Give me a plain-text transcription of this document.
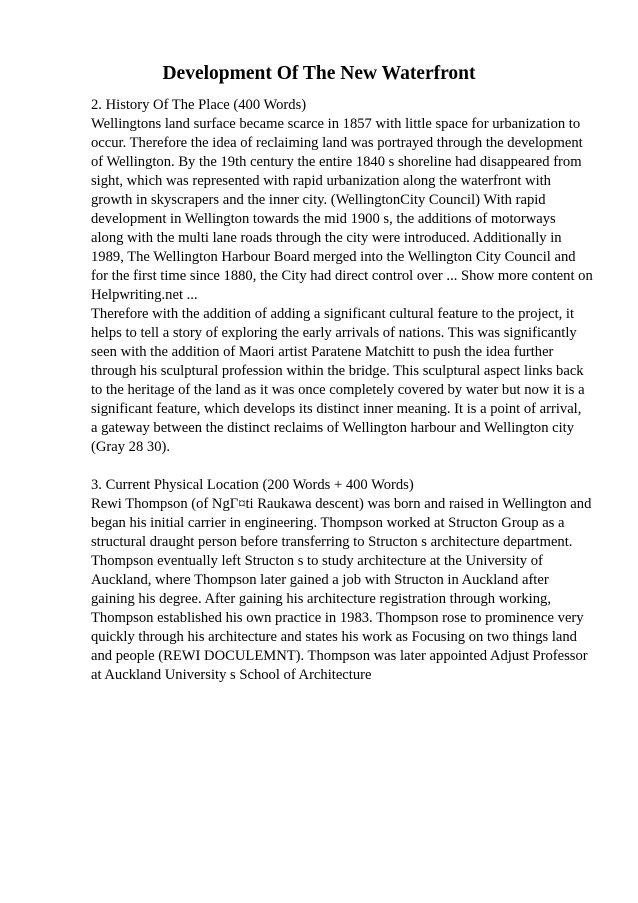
Development Of The New Waterfront
2. History Of The Place (400 Words)
Wellingtons land surface became scarce in 1857 with little space for urbanization to
occur. Therefore the idea of reclaiming land was portrayed through the development
of Wellington. By the 19th century the entire 1840 s shoreline had disappeared from
sight, which was represented with rapid urbanization along the waterfront with
growth in skyscrapers and the inner city. (WellingtonCity Council) With rapid
development in Wellington towards the mid 1900 s, the additions of motorways
along with the multi lane roads through the city were introduced. Additionally in
1989, The Wellington Harbour Board merged into the Wellington City Council and
for the first time since 1880, the City had direct control over ... Show more content on
Helpwriting.net ...
Therefore with the addition of adding a significant cultural feature to the project, it
helps to tell a story of exploring the early arrivals of nations. This was significantly
seen with the addition of Maori artist Paratene Matchitt to push the idea further
through his sculptural profession within the bridge. This sculptural aspect links back
to the heritage of the land as it was once completely covered by water but now it is a
significant feature, which develops its distinct inner meaning. It is a point of arrival,
a gateway between the distinct reclaims of Wellington harbour and Wellington city
(Gray 28 30).
3. Current Physical Location (200 Words + 400 Words)
Rewi Thompson (of NgГ¤ti Raukawa descent) was born and raised in Wellington and
began his initial carrier in engineering. Thompson worked at Structon Group as a
structural draught person before transferring to Structon s architecture department.
Thompson eventually left Structon s to study architecture at the University of
Auckland, where Thompson later gained a job with Structon in Auckland after
gaining his degree. After gaining his architecture registration through working,
Thompson established his own practice in 1983. Thompson rose to prominence very
quickly through his architecture and states his work as Focusing on two things land
and people (REWI DOCULEMNT). Thompson was later appointed Adjust Professor
at Auckland University s School of Architecture
